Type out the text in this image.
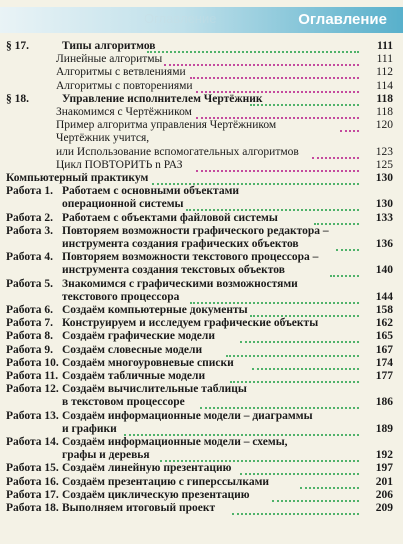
Оглавление	Оглавление
§ 17.	Типы алгоритмов	111
Линейные алгоритмы	111
Алгоритмы с ветвлениями	112
Алгоритмы с повторениями	114
§ 18.	Управление исполнителем Чертёжник	118
Знакомимся с Чертёжником	118
Пример алгоритма управления Чертёжником	120
Чертёжник учится,
или Использование вспомогательных алгоритмов	123
Цикл ПОВТОРИТЬ n РАЗ	125
Компьютерный практикум	130
Работа 1. Работаем с основными объектами
операционной системы	130
Работа 2. Работаем с объектами файловой системы	133
Работа 3. Повторяем возможности графического редактора –
инструмента создания графических объектов	136
Работа 4. Повторяем возможности текстового процессора –
инструмента создания текстовых объектов	140
Работа 5. Знакомимся с графическими возможностями
текстового процессора	144
Работа 6. Создаём компьютерные документы	158
Работа 7. Конструируем и исследуем графические объекты	162
Работа 8. Создаём графические модели	165
Работа 9. Создаём словесные модели	167
Работа 10. Создаём многоуровневые списки	174
Работа 11. Создаём табличные модели	177
Работа 12. Создаём вычислительные таблицы
в текстовом процессоре	186
Работа 13. Создаём информационные модели – диаграммы
и графики	189
Работа 14. Создаём информационные модели – схемы,
графы и деревья	192
Работа 15. Создаём линейную презентацию	197
Работа 16. Создаём презентацию с гиперссылками	201
Работа 17. Создаём циклическую презентацию	206
Работа 18. Выполняем итоговый проект	209
